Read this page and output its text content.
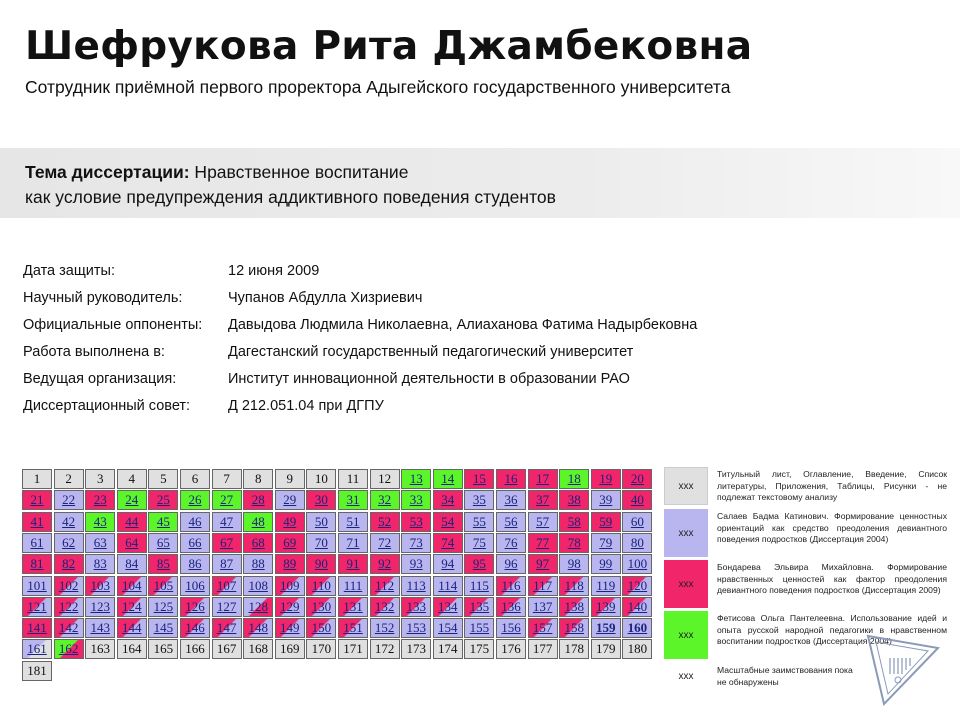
Шефрукова Рита Джамбековна
Сотрудник приёмной первого проректора Адыгейского государственного университета
Тема диссертации: Нравственное воспитание
как условие предупреждения аддиктивного поведения студентов
Дата защиты:	12 июня 2009
Научный руководитель:	Чупанов Абдулла Хизриевич
Официальные оппоненты: Давыдова Людмила Николаевна, Алиаханова Фатима Надырбековна
Работа выполнена в:	Дагестанский государственный педагогический университет
Ведущая организация:	Институт инновационной деятельности в образовании РАО
Диссертационный совет:	Д 212.051.04 при ДГПУ
1	2	3	4	5	6	7	8	9	10	11	12	13	14	15	16	17	18	19	20
21	22	23	24	25	26	27	28	29	30	31	32	33	34	35	36	37	38	39	40
41	42	43	44	45	46	47	48	49	50	51	52	53	54	55	56	57	58	59	60
61	62	63	64	65	66	67	68	69	70	71	72	73	74	75	76	77	78	79	80
81	82	83	84	85	86	87	88	89	90	91	92	93	94	95	96	97	98	99	100
101 102 103 104 105 106 107 108 109 110 111 112 113 114 115 116 117 118 119 120
121 122 123 124 125 126 127 128 129 130 131 132 133 134 135 136 137 138 139 140
141 142 143 144 145 146 147 148 149 150 151 152 153 154 155 156 157 158 159 160
161 162 163 164 165 166 167 168 169 170 171 172 173 174 175 176 177 178 179 180
181
xxx
Титульный лист, Оглавление, Введение, Список литературы, Приложения, Таблицы, Рисунки - не подлежат текстовому анализу
xxx
Салаев Бадма Катинович. Формирование ценностных ориентаций как средство преодоления девиантного поведения подростков (Диссертация 2004)
xxx
Бондарева Эльвира Михайловна. Формирование нравственных ценностей как фактор преодоления девиантного поведения подростков (Диссертация 2009)
xxx
Фетисова Ольга Пантелеевна. Использование идей и опыта русской народной педагогики в нравственном воспитании подростков (Диссертация 2004)
xxx
Масштабные заимствования пока не обнаружены
